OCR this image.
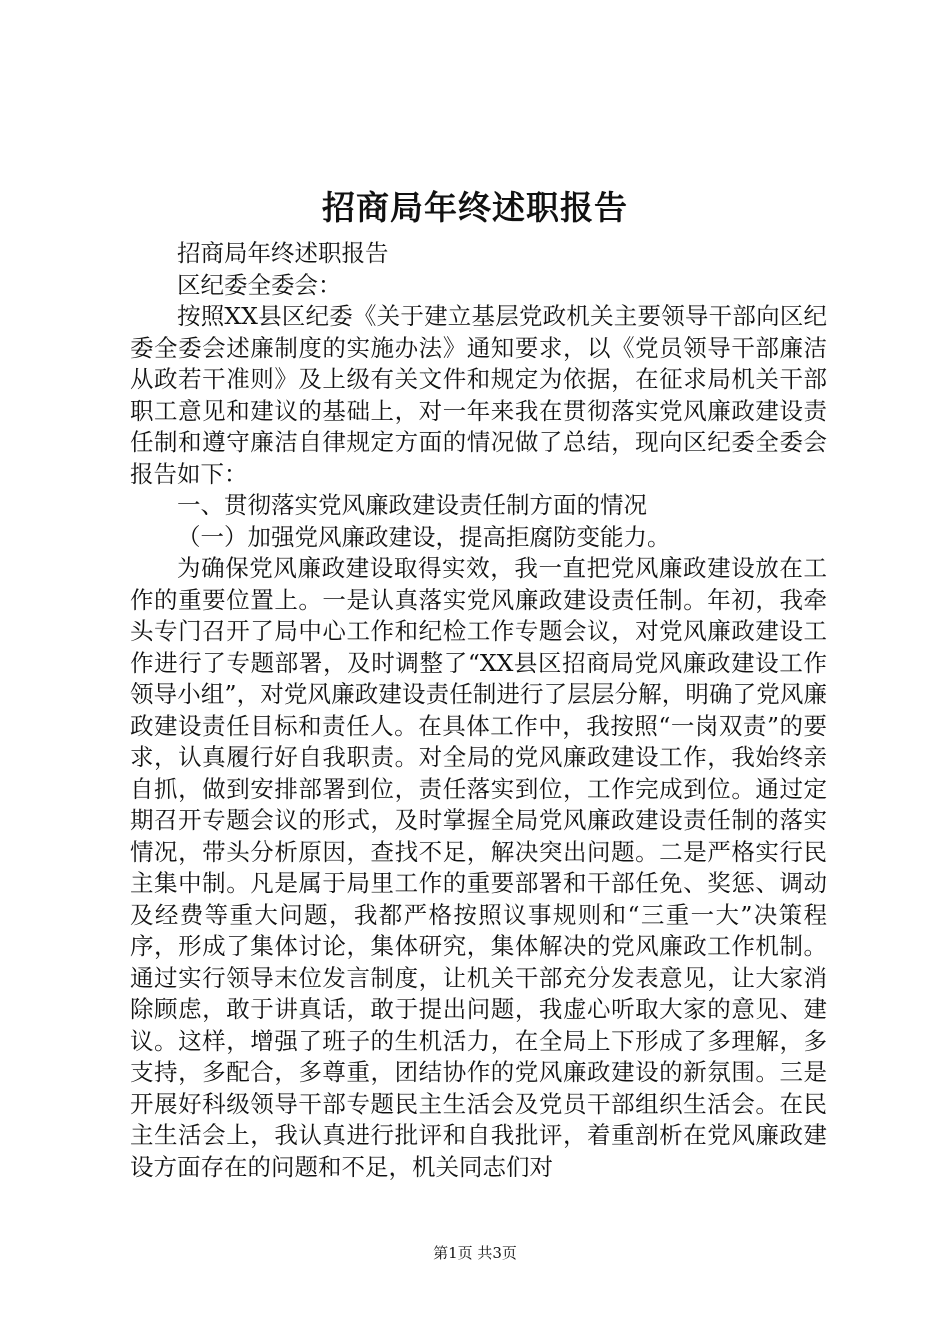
招商局年终述职报告

招商局年终述职报告

区纪委全委会：

按照XX县区纪委《关于建立基层党政机关主要领导干部向区纪委全委会述廉制度的实施办法》通知要求，以《党员领导干部廉洁从政若干准则》及上级有关文件和规定为依据，在征求局机关干部职工意见和建议的基础上，对一年来我在贯彻落实党风廉政建设责任制和遵守廉洁自律规定方面的情况做了总结，现向区纪委全委会报告如下：

一、贯彻落实党风廉政建设责任制方面的情况

（一）加强党风廉政建设，提高拒腐防变能力。

为确保党风廉政建设取得实效，我一直把党风廉政建设放在工作的重要位置上。一是认真落实党风廉政建设责任制。年初，我牵头专门召开了局中心工作和纪检工作专题会议，对党风廉政建设工作进行了专题部署，及时调整了“XX县区招商局党风廉政建设工作领导小组”，对党风廉政建设责任制进行了层层分解，明确了党风廉政建设责任目标和责任人。在具体工作中，我按照“一岗双责”的要求，认真履行好自我职责。对全局的党风廉政建设工作，我始终亲自抓，做到安排部署到位，责任落实到位，工作完成到位。通过定期召开专题会议的形式，及时掌握全局党风廉政建设责任制的落实情况，带头分析原因，查找不足，解决突出问题。二是严格实行民主集中制。凡是属于局里工作的重要部署和干部任免、奖惩、调动及经费等重大问题，我都严格按照议事规则和“三重一大”决策程序，形成了集体讨论，集体研究，集体解决的党风廉政工作机制。通过实行领导末位发言制度，让机关干部充分发表意见，让大家消除顾虑，敢于讲真话，敢于提出问题，我虚心听取大家的意见、建议。这样，增强了班子的生机活力，在全局上下形成了多理解，多支持，多配合，多尊重，团结协作的党风廉政建设的新氛围。三是开展好科级领导干部专题民主生活会及党员干部组织生活会。在民主生活会上，我认真进行批评和自我批评，着重剖析在党风廉政建设方面存在的问题和不足，机关同志们对

第1页 共3页
